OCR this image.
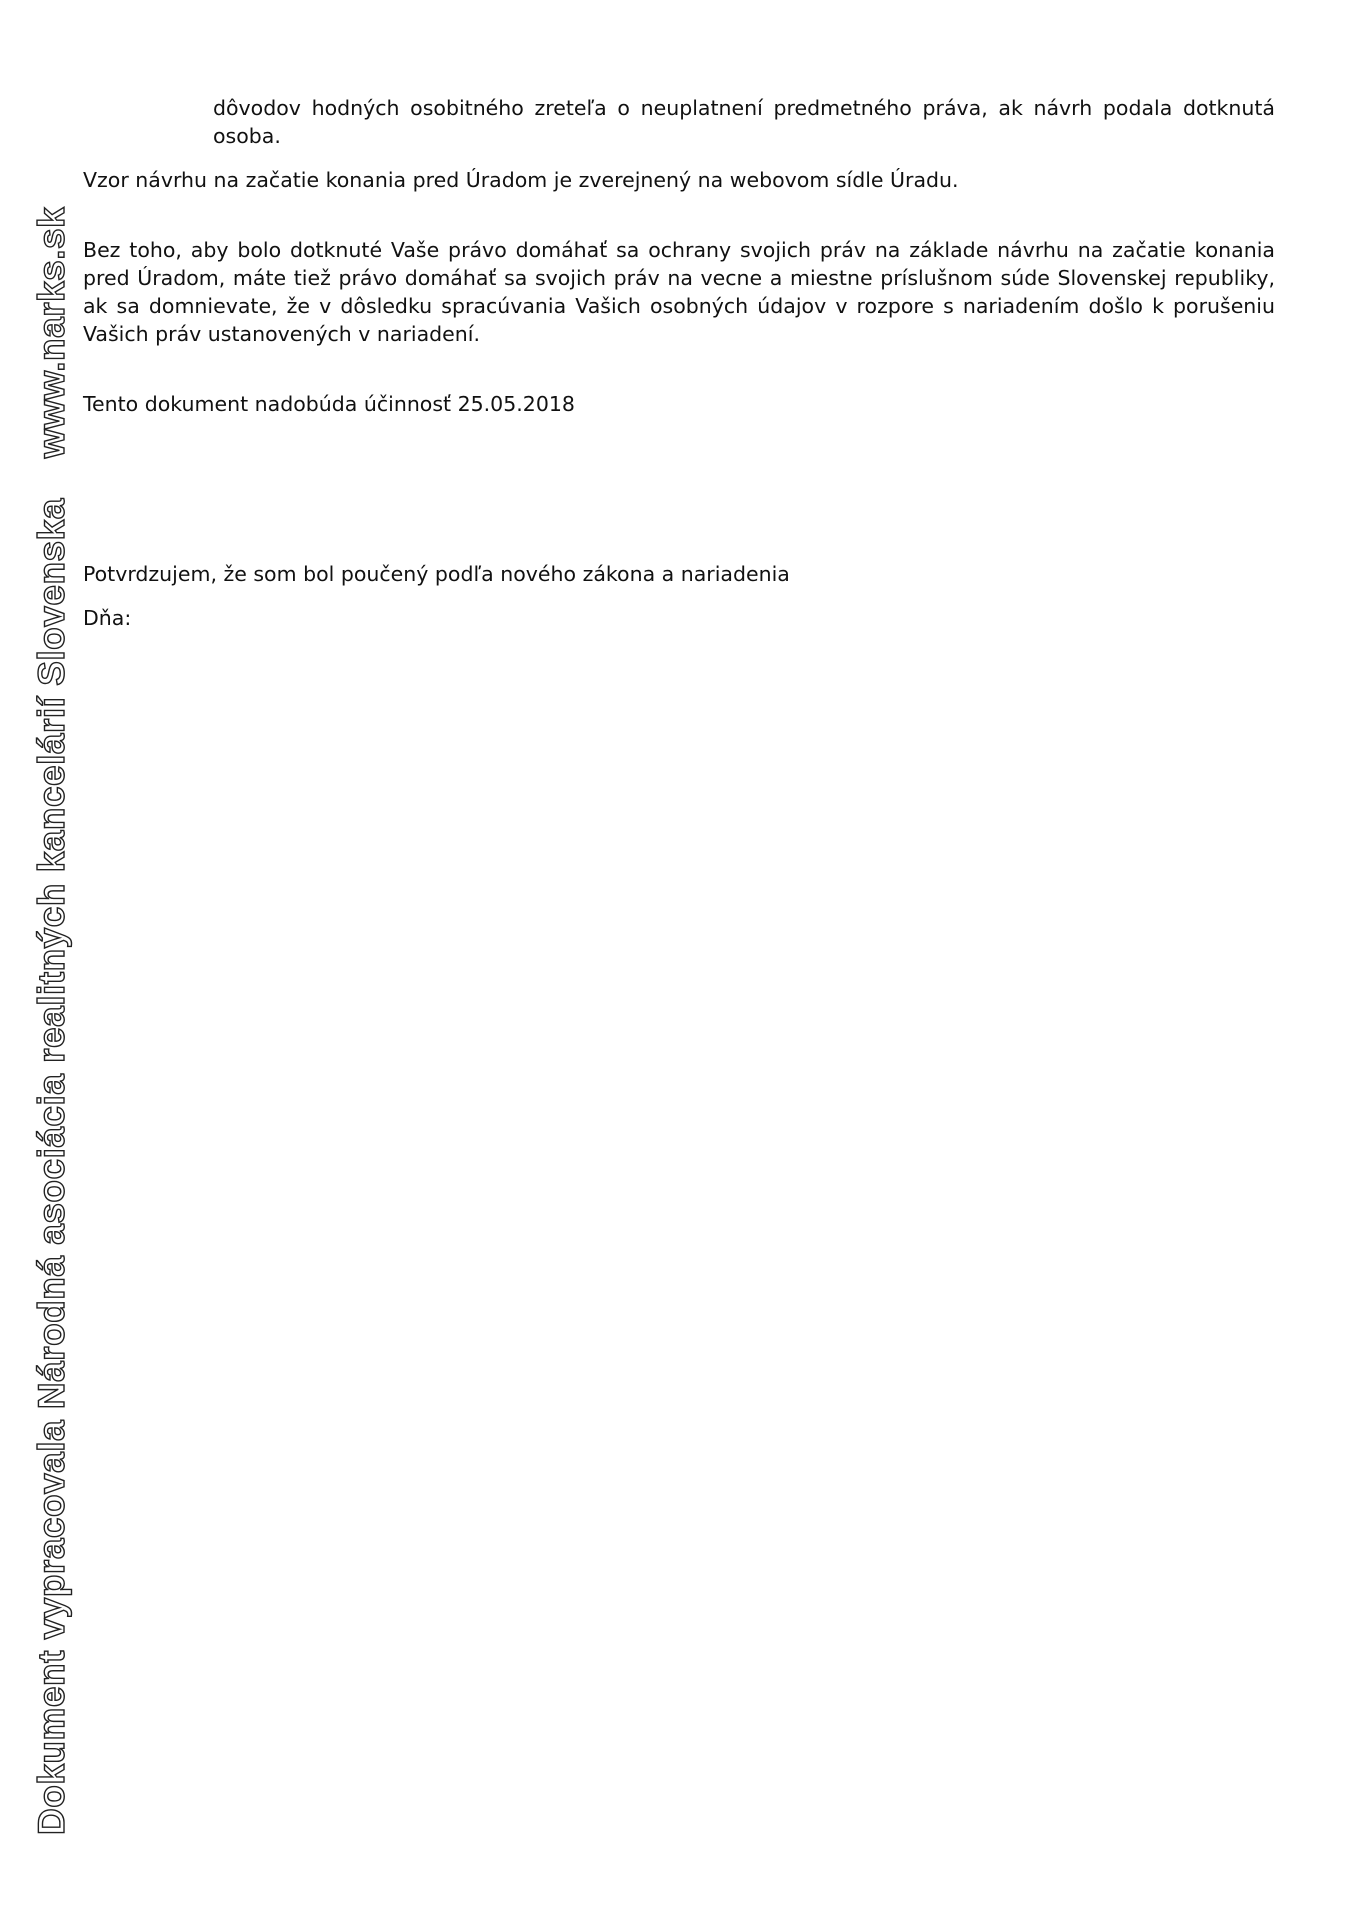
Dokument vypracovala Národná asociácia realitných kancelárií Slovenskawww.narks.sk

dôvodov hodných osobitného zreteľa o neuplatnení predmetného práva, ak návrh podala dotknutá osoba.

Vzor návrhu na začatie konania pred Úradom je zverejnený na webovom sídle Úradu.

Bez toho, aby bolo dotknuté Vaše právo domáhať sa ochrany svojich práv na základe návrhu na začatie konania pred Úradom, máte tiež právo domáhať sa svojich práv na vecne a miestne príslušnom súde Slovenskej republiky, ak sa domnievate, že v dôsledku spracúvania Vašich osobných údajov v rozpore s nariadením došlo k porušeniu Vašich práv ustanovených v nariadení.

Tento dokument nadobúda účinnosť 25.05.2018

Potvrdzujem, že som bol poučený podľa nového zákona a nariadenia

Dňa:
